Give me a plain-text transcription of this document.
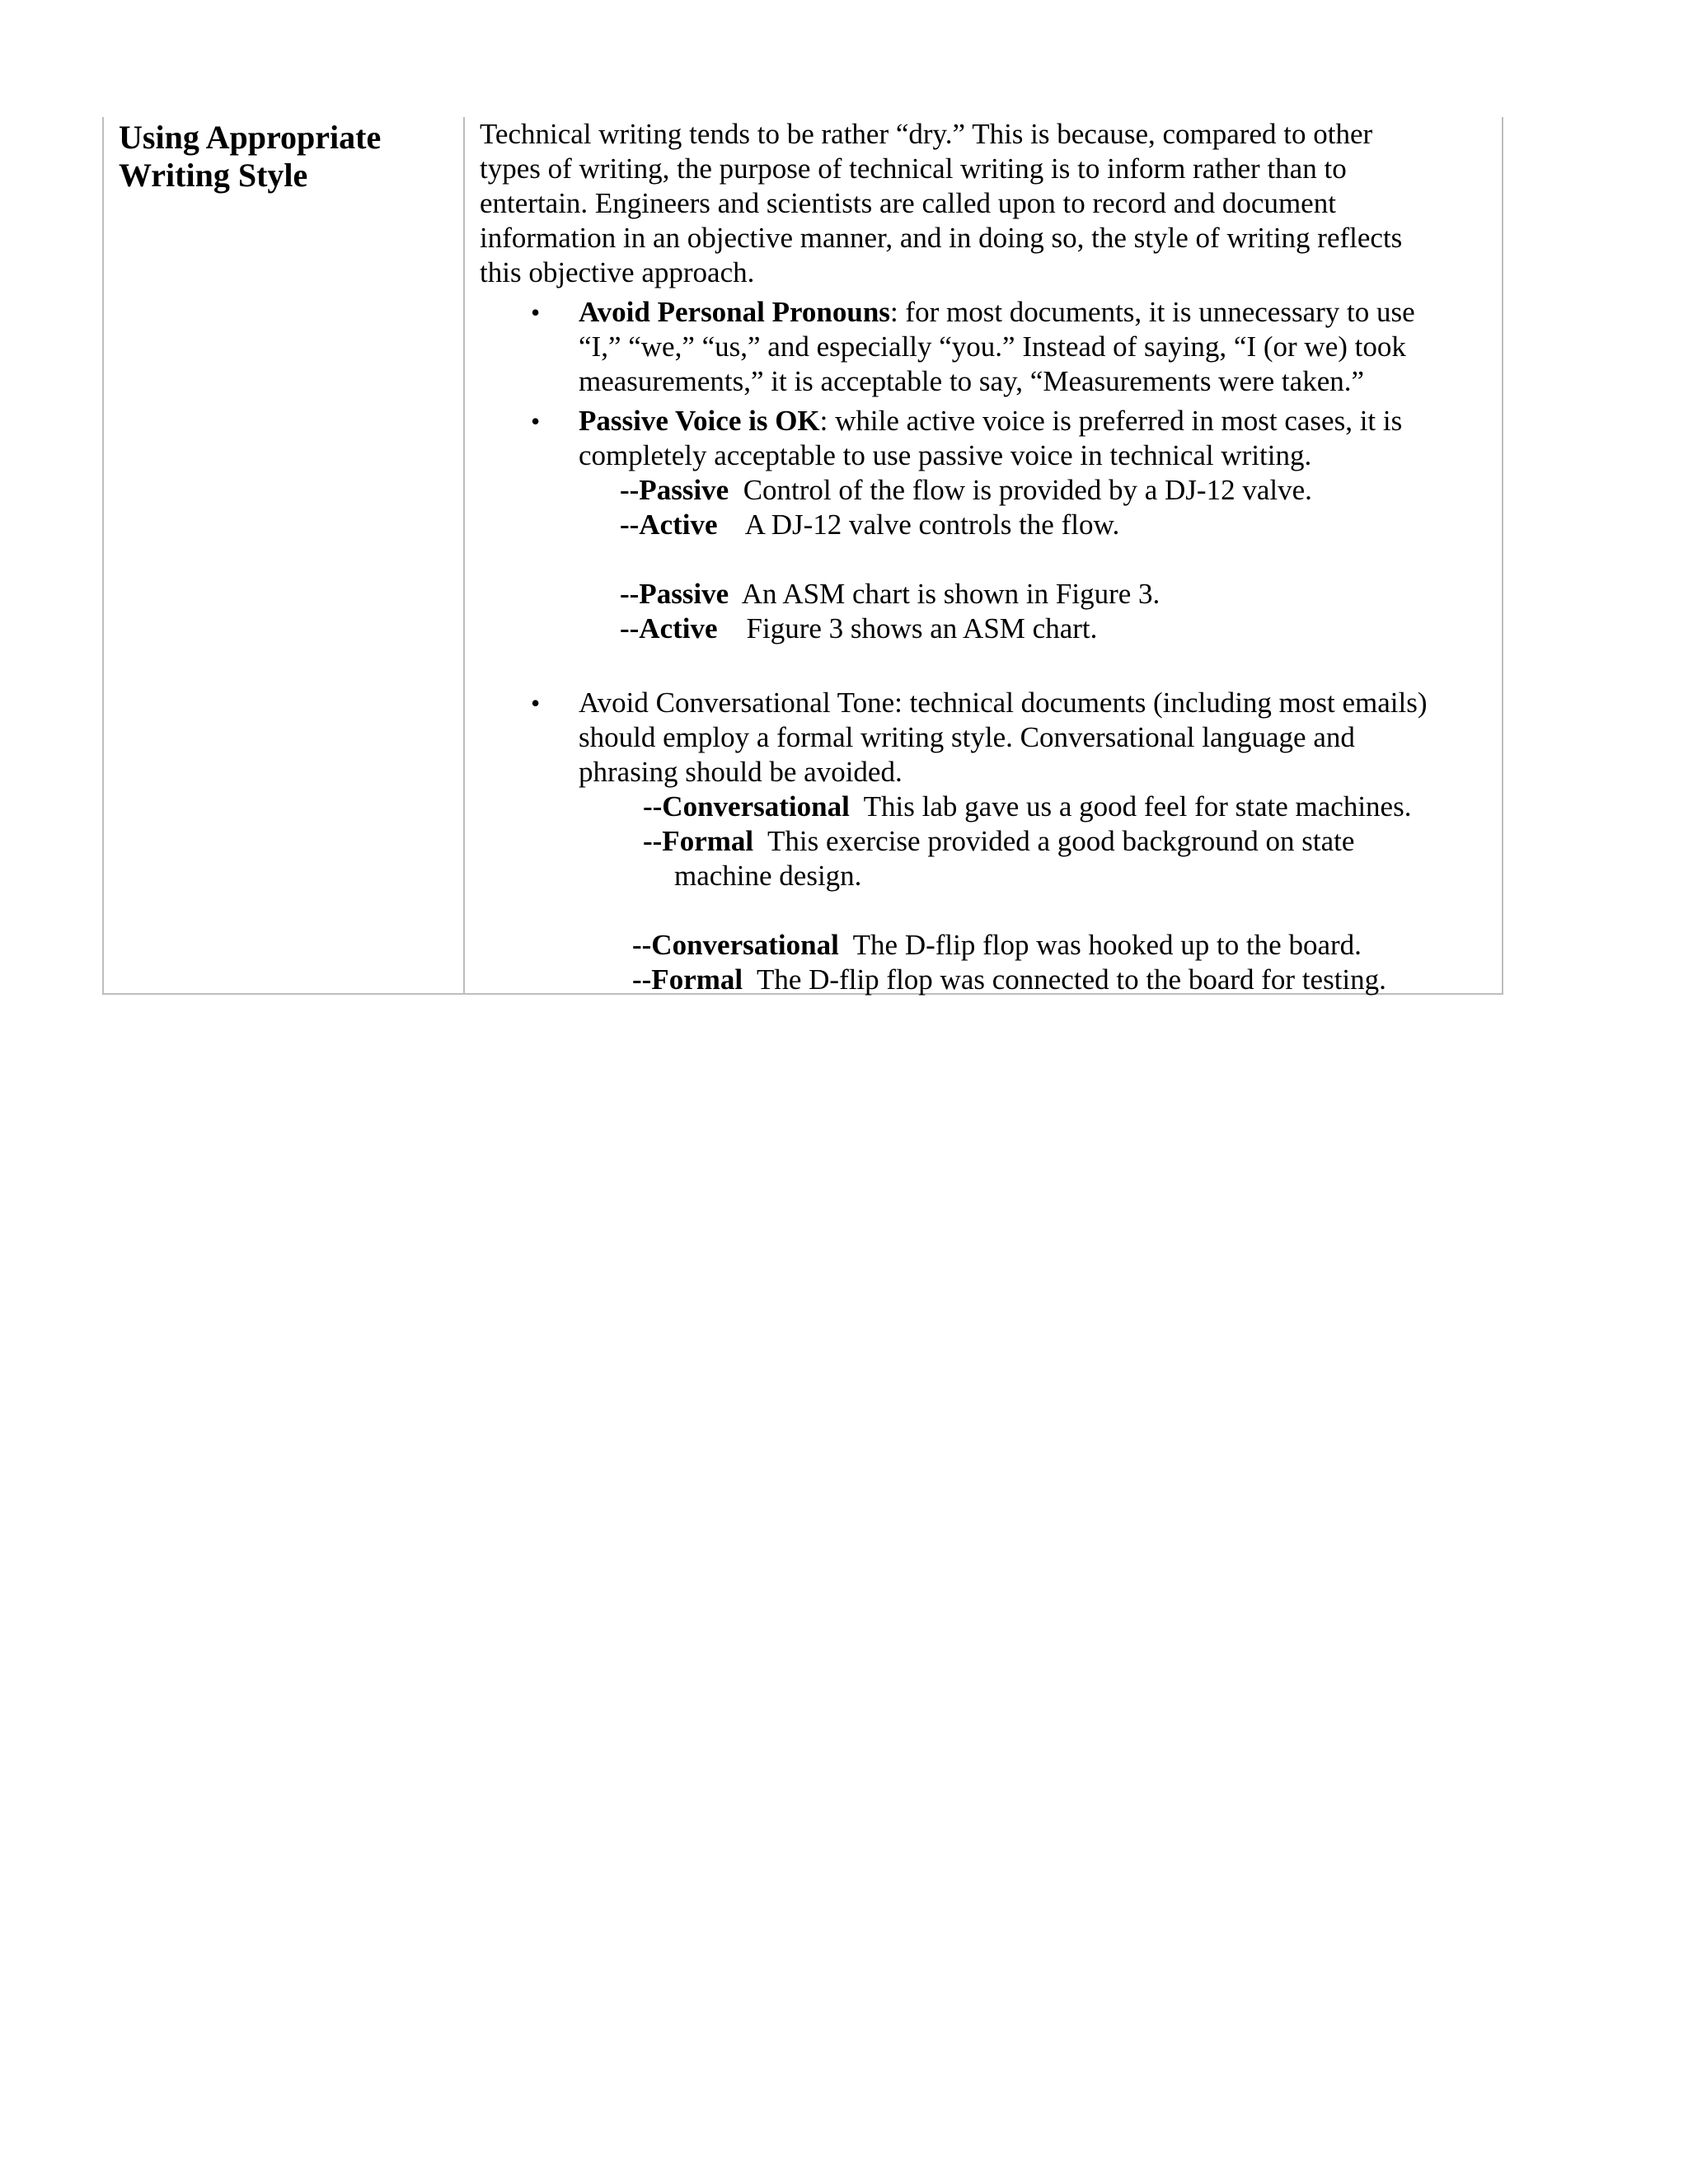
Using Appropriate
Writing Style
Technical writing tends to be rather “dry.” This is because, compared to other
types of writing, the purpose of technical writing is to inform rather than to
entertain. Engineers and scientists are called upon to record and document
information in an objective manner, and in doing so, the style of writing reflects
this objective approach.
• Avoid Personal Pronouns: for most documents, it is unnecessary to use
“I,” “we,” “us,” and especially “you.” Instead of saying, “I (or we) took
measurements,” it is acceptable to say, “Measurements were taken.”
• Passive Voice is OK: while active voice is preferred in most cases, it is
completely acceptable to use passive voice in technical writing.
--Passive  Control of the flow is provided by a DJ-12 valve.
--Active    A DJ-12 valve controls the flow.
--Passive  An ASM chart is shown in Figure 3.
--Active    Figure 3 shows an ASM chart.
• Avoid Conversational Tone: technical documents (including most emails)
should employ a formal writing style. Conversational language and
phrasing should be avoided.
--Conversational  This lab gave us a good feel for state machines.
--Formal  This exercise provided a good background on state
machine design.
--Conversational  The D-flip flop was hooked up to the board.
--Formal  The D-flip flop was connected to the board for testing.
